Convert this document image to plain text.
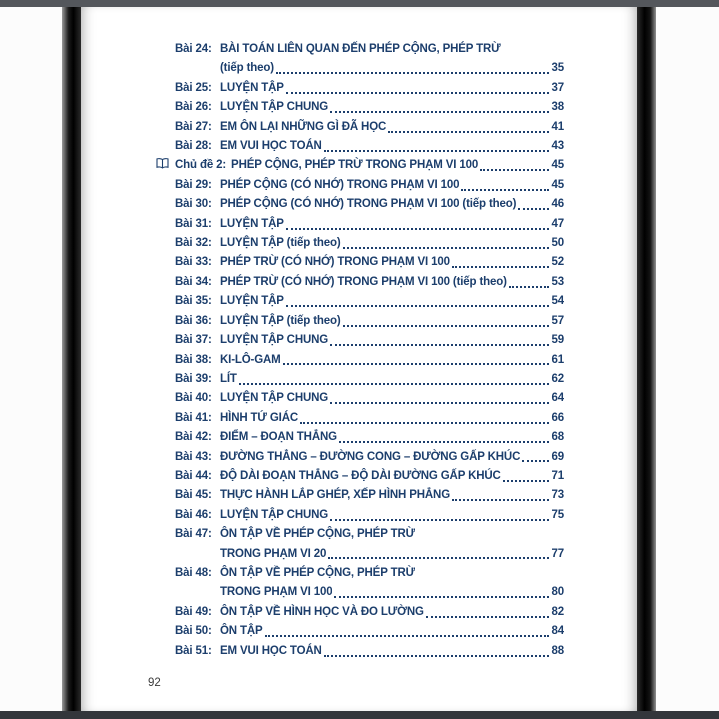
Bài 24: BÀI TOÁN LIÊN QUAN ĐẾN PHÉP CỘNG, PHÉP TRỪ
(tiếp theo)	35
Bài 25: LUYỆN TẬP	37
Bài 26: LUYỆN TẬP CHUNG	38
Bài 27: EM ÔN LẠI NHỮNG GÌ ĐÃ HỌC	41
Bài 28: EM VUI HỌC TOÁN	43
Chủ đề 2: PHÉP CỘNG, PHÉP TRỪ TRONG PHẠM VI 100	45
Bài 29: PHÉP CỘNG (CÓ NHỚ) TRONG PHẠM VI 100	45
Bài 30: PHÉP CỘNG (CÓ NHỚ) TRONG PHẠM VI 100 (tiếp theo)	46
Bài 31: LUYỆN TẬP	47
Bài 32: LUYỆN TẬP (tiếp theo)	50
Bài 33: PHÉP TRỪ (CÓ NHỚ) TRONG PHẠM VI 100	52
Bài 34: PHÉP TRỪ (CÓ NHỚ) TRONG PHẠM VI 100 (tiếp theo)	53
Bài 35: LUYỆN TẬP	54
Bài 36: LUYỆN TẬP (tiếp theo)	57
Bài 37: LUYỆN TẬP CHUNG	59
Bài 38: KI-LÔ-GAM	61
Bài 39: LÍT	62
Bài 40: LUYỆN TẬP CHUNG	64
Bài 41: HÌNH TỨ GIÁC	66
Bài 42: ĐIỂM – ĐOẠN THẲNG	68
Bài 43: ĐƯỜNG THẲNG – ĐƯỜNG CONG – ĐƯỜNG GẤP KHÚC	69
Bài 44: ĐỘ DÀI ĐOẠN THẲNG – ĐỘ DÀI ĐƯỜNG GẤP KHÚC	71
Bài 45: THỰC HÀNH LẮP GHÉP, XẾP HÌNH PHẲNG	73
Bài 46: LUYỆN TẬP CHUNG	75
Bài 47: ÔN TẬP VỀ PHÉP CỘNG, PHÉP TRỪ
TRONG PHẠM VI 20	77
Bài 48: ÔN TẬP VỀ PHÉP CỘNG, PHÉP TRỪ
TRONG PHẠM VI 100	80
Bài 49: ÔN TẬP VỀ HÌNH HỌC VÀ ĐO LƯỜNG	82
Bài 50: ÔN TẬP	84
Bài 51: EM VUI HỌC TOÁN	88
92
